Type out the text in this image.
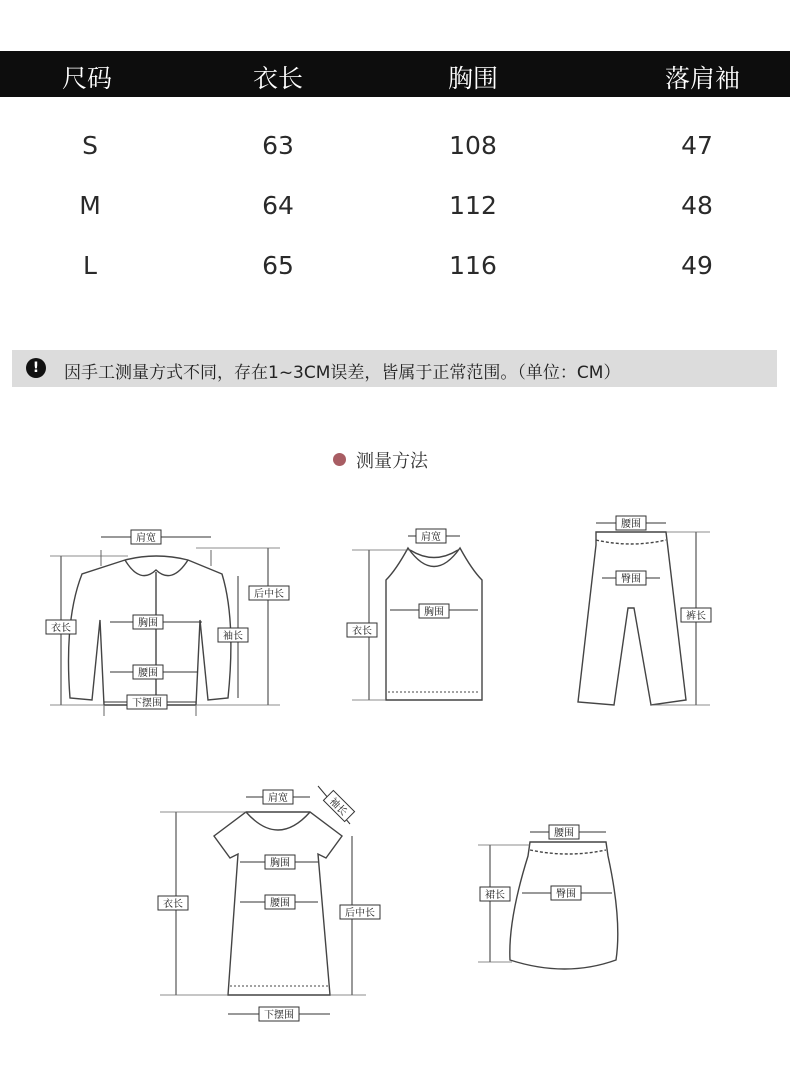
尺码	衣长	胸围	落肩袖
S	63	108	47
M	64	112	48
L	65	116	49
!	因手工测量方式不同，存在1~3CM误差，皆属于正常范围。（单位：CM）
测量方法
肩宽
后中长
衣长	胸围
袖长
腰围
下摆围
肩宽
衣长
胸围
腰围
臀围
裤长
肩宽	袖长
胸围
衣长	腰围
后中长
下摆围
腰围
裙长	臀围
